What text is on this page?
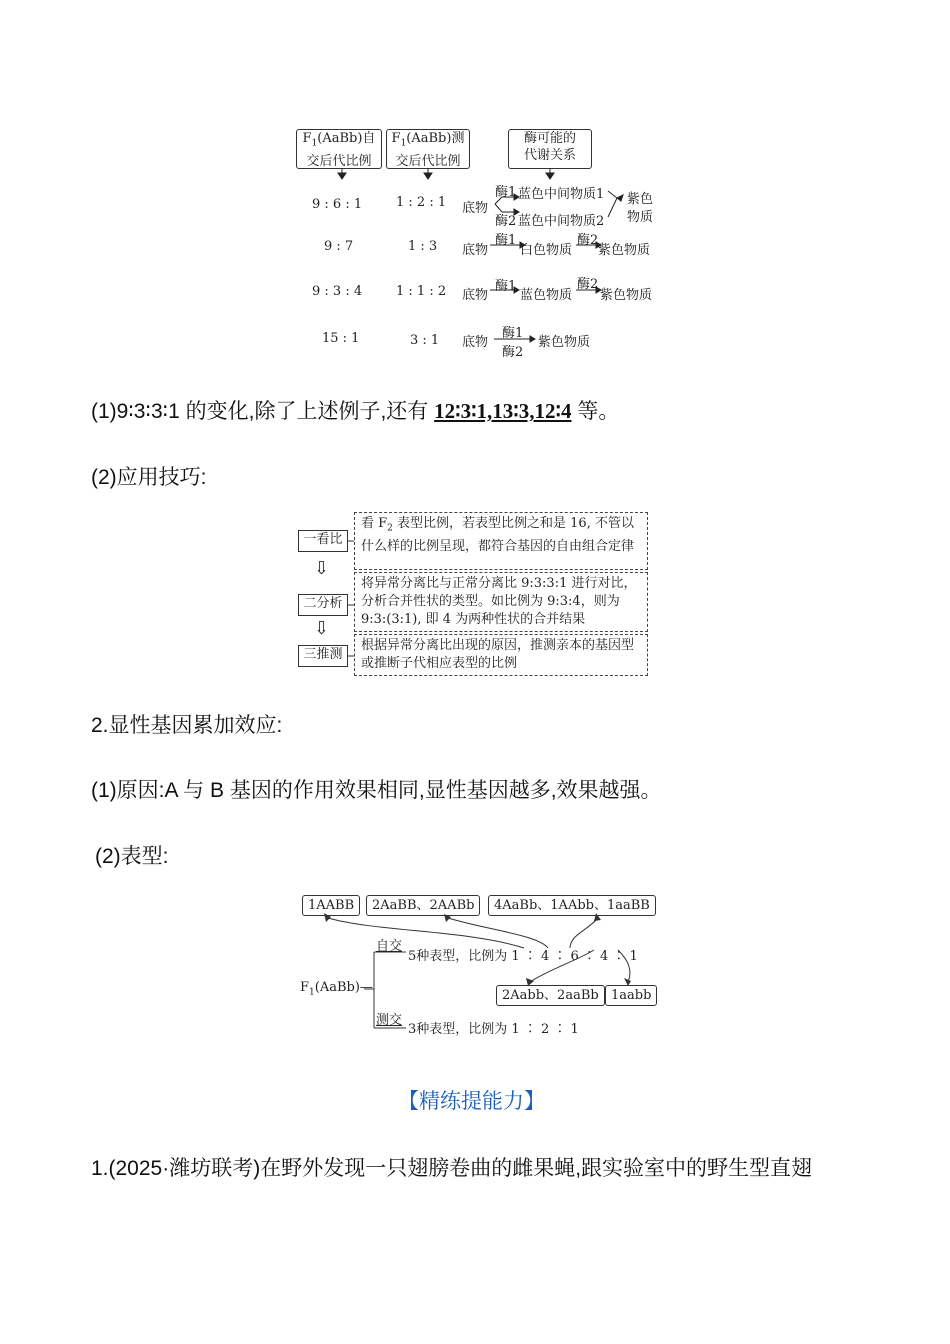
$F_1(AaBb)$自
交后代比例
$F_1(AaBb)$测
交后代比例
酶可能的
代谢关系
9 : 6 : 1	1 : 2 : 1 底物
酶1
酶2
蓝色中间物质1
蓝色中间物质2
紫色
物质
9 : 7	1 : 3 底物
酶1
白色物质
酶2
紫色物质
9 : 3 : 4	1 : 1 : 2 底物
酶1
蓝色物质
酶2
紫色物质
15 : 1	3 : 1 底物
酶1
酶2
紫色物质
(1)9∶3∶3∶1 的变化,除了上述例子,还有 12∶3∶1,13∶3,12∶4 等。
(2)应用技巧:
一看比
⇩
二分析
⇩
三推测
看 $F_2$ 表型比例，若表型比例之和是 16, 不管以什么样的比例呈现，都符合基因的自由组合定律
将异常分离比与正常分离比 9:3:3:1 进行对比，分析合并性状的类型。如比例为 9:3:4，则为 9:3:(3:1), 即 4 为两种性状的合并结果
根据异常分离比出现的原因，推测亲本的基因型或推断子代相应表型的比例
2.显性基因累加效应:
(1)原因:A 与 B 基因的作用效果相同,显性基因越多,效果越强。
(2)表型:
1AABB	2AaBB、2AABb	4AaBb、1AAbb、1aaBB
2Aabb、2aaBb 1aabb
$F_1(AaBb)—$
自交
5种表型，比例为 1 ∶ 4 ∶ 6 ∶ 4 ∶ 1
测交
3种表型，比例为 1 ∶ 2 ∶ 1
【精练提能力】
1.(2025·潍坊联考)在野外发现一只翅膀卷曲的雌果蝇,跟实验室中的野生型直翅
